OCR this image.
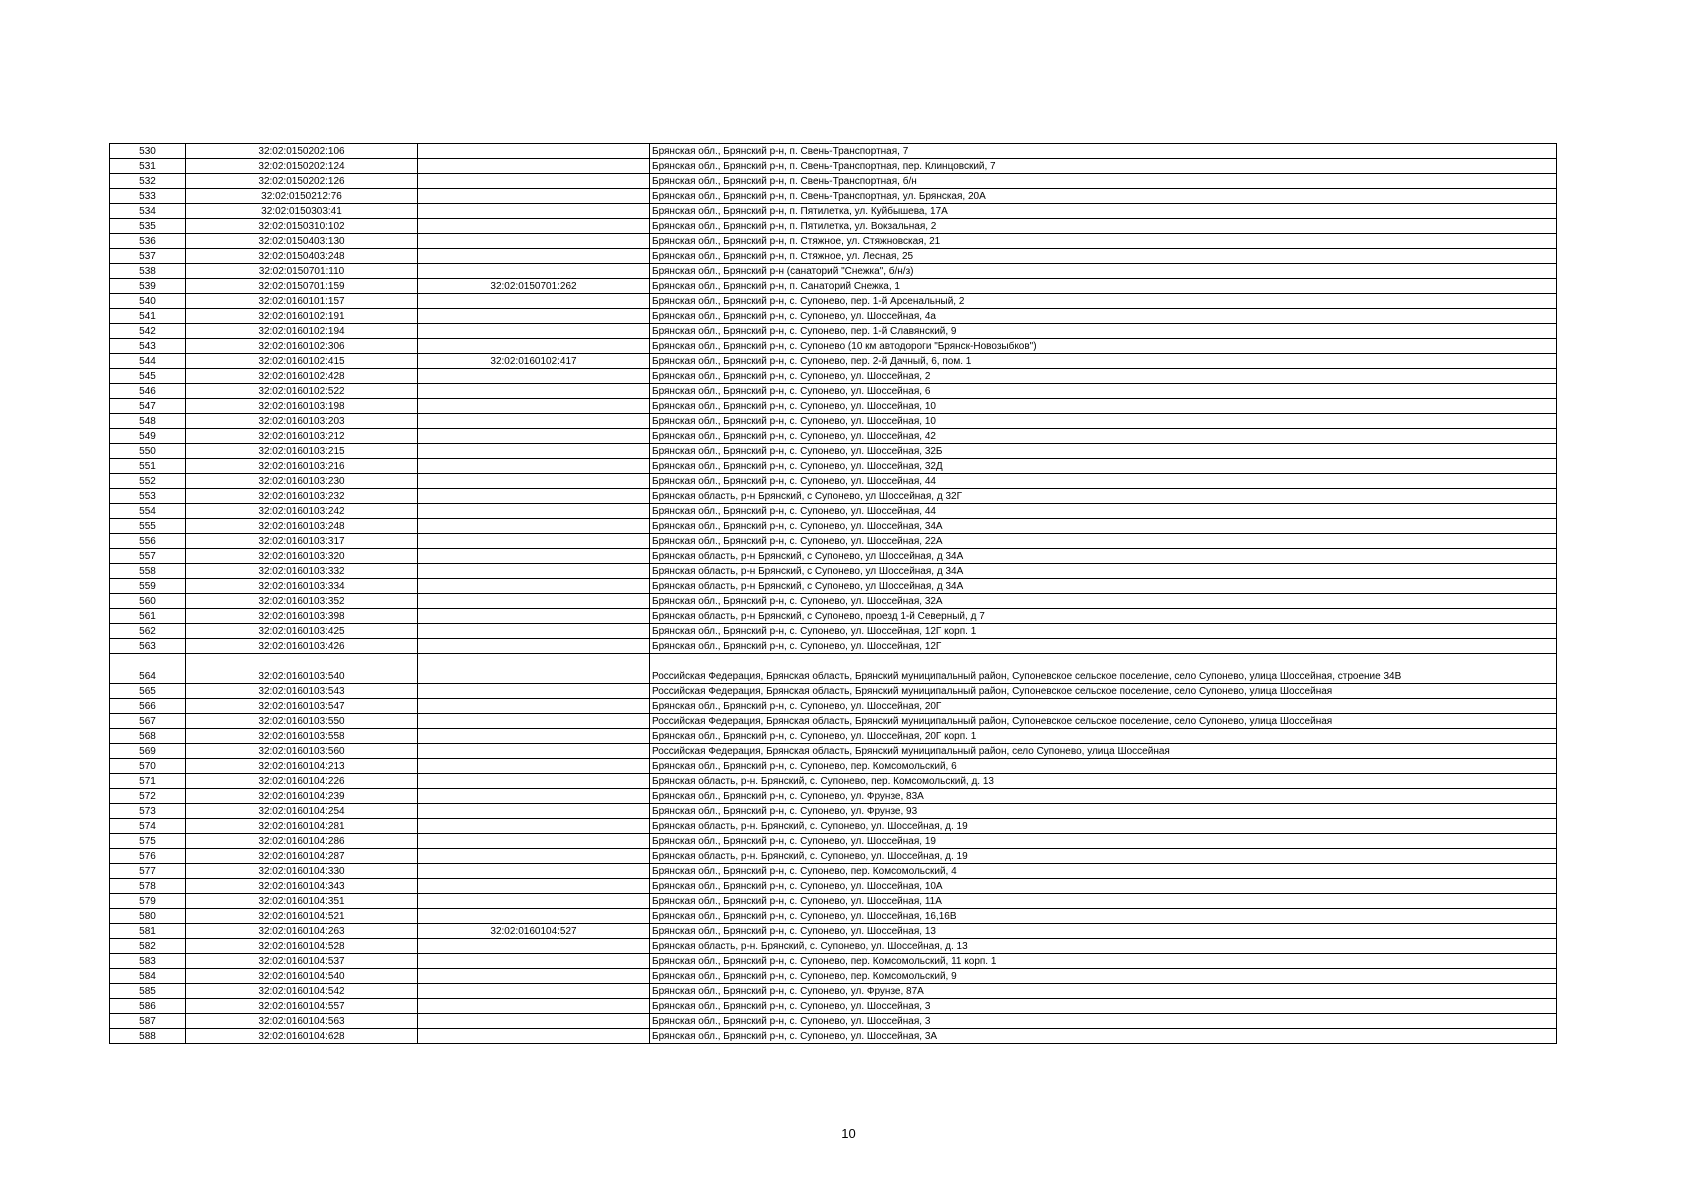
530	32:02:0150202:106		Брянская обл., Брянский р-н, п. Свень-Транспортная, 7
531	32:02:0150202:124		Брянская обл., Брянский р-н, п. Свень-Транспортная, пер. Клинцовский, 7
532	32:02:0150202:126		Брянская обл., Брянский р-н, п. Свень-Транспортная, б/н
533	32:02:0150212:76		Брянская обл., Брянский р-н, п. Свень-Транспортная, ул. Брянская, 20А
534	32:02:0150303:41		Брянская обл., Брянский р-н, п. Пятилетка, ул. Куйбышева, 17А
535	32:02:0150310:102		Брянская обл., Брянский р-н, п. Пятилетка, ул. Вокзальная, 2
536	32:02:0150403:130		Брянская обл., Брянский р-н, п. Стяжное, ул. Стяжновская, 21
537	32:02:0150403:248		Брянская обл., Брянский р-н, п. Стяжное, ул. Лесная, 25
538	32:02:0150701:110		Брянская обл., Брянский р-н (санаторий "Снежка", б/н/з)
539	32:02:0150701:159	32:02:0150701:262	Брянская обл., Брянский р-н, п. Санаторий Снежка, 1
540	32:02:0160101:157		Брянская обл., Брянский р-н, с. Супонево, пер. 1-й Арсенальный, 2
541	32:02:0160102:191		Брянская обл., Брянский р-н, с. Супонево, ул. Шоссейная, 4а
542	32:02:0160102:194		Брянская обл., Брянский р-н, с. Супонево, пер. 1-й Славянский, 9
543	32:02:0160102:306		Брянская обл., Брянский р-н, с. Супонево (10 км автодороги "Брянск-Новозыбков")
544	32:02:0160102:415	32:02:0160102:417	Брянская обл., Брянский р-н, с. Супонево, пер. 2-й Дачный, 6, пом. 1
545	32:02:0160102:428		Брянская обл., Брянский р-н, с. Супонево, ул. Шоссейная, 2
546	32:02:0160102:522		Брянская обл., Брянский р-н, с. Супонево, ул. Шоссейная, 6
547	32:02:0160103:198		Брянская обл., Брянский р-н, с. Супонево, ул. Шоссейная, 10
548	32:02:0160103:203		Брянская обл., Брянский р-н, с. Супонево, ул. Шоссейная, 10
549	32:02:0160103:212		Брянская обл., Брянский р-н, с. Супонево, ул. Шоссейная, 42
550	32:02:0160103:215		Брянская обл., Брянский р-н, с. Супонево, ул. Шоссейная, 32Б
551	32:02:0160103:216		Брянская обл., Брянский р-н, с. Супонево, ул. Шоссейная, 32Д
552	32:02:0160103:230		Брянская обл., Брянский р-н, с. Супонево, ул. Шоссейная, 44
553	32:02:0160103:232		Брянская область, р-н Брянский, с Супонево, ул Шоссейная, д 32Г
554	32:02:0160103:242		Брянская обл., Брянский р-н, с. Супонево, ул. Шоссейная, 44
555	32:02:0160103:248		Брянская обл., Брянский р-н, с. Супонево, ул. Шоссейная, 34А
556	32:02:0160103:317		Брянская обл., Брянский р-н, с. Супонево, ул. Шоссейная, 22А
557	32:02:0160103:320		Брянская область, р-н Брянский, с Супонево, ул Шоссейная, д 34А
558	32:02:0160103:332		Брянская область, р-н Брянский, с Супонево, ул Шоссейная, д 34А
559	32:02:0160103:334		Брянская область, р-н Брянский, с Супонево, ул Шоссейная, д 34А
560	32:02:0160103:352		Брянская обл., Брянский р-н, с. Супонево, ул. Шоссейная, 32А
561	32:02:0160103:398		Брянская область, р-н Брянский, с Супонево, проезд 1-й Северный, д 7
562	32:02:0160103:425		Брянская обл., Брянский р-н, с. Супонево, ул. Шоссейная, 12Г корп. 1
563	32:02:0160103:426		Брянская обл., Брянский р-н, с. Супонево, ул. Шоссейная, 12Г
564	32:02:0160103:540		Российская Федерация, Брянская область, Брянский муниципальный район, Супоневское сельское поселение, село Супонево, улица Шоссейная, строение 34В
565	32:02:0160103:543		Российская Федерация, Брянская область, Брянский муниципальный район, Супоневское сельское поселение, село Супонево, улица Шоссейная
566	32:02:0160103:547		Брянская обл., Брянский р-н, с. Супонево, ул. Шоссейная, 20Г
567	32:02:0160103:550		Российская Федерация, Брянская область, Брянский муниципальный район, Супоневское сельское поселение, село Супонево, улица Шоссейная
568	32:02:0160103:558		Брянская обл., Брянский р-н, с. Супонево, ул. Шоссейная, 20Г корп. 1
569	32:02:0160103:560		Российская Федерация, Брянская область, Брянский муниципальный район, село Супонево, улица Шоссейная
570	32:02:0160104:213		Брянская обл., Брянский р-н, с. Супонево, пер. Комсомольский, 6
571	32:02:0160104:226		Брянская область, р-н. Брянский, с. Супонево, пер. Комсомольский, д. 13
572	32:02:0160104:239		Брянская обл., Брянский р-н, с. Супонево, ул. Фрунзе, 83А
573	32:02:0160104:254		Брянская обл., Брянский р-н, с. Супонево, ул. Фрунзе, 93
574	32:02:0160104:281		Брянская область, р-н. Брянский, с. Супонево, ул. Шоссейная, д. 19
575	32:02:0160104:286		Брянская обл., Брянский р-н, с. Супонево, ул. Шоссейная, 19
576	32:02:0160104:287		Брянская область, р-н. Брянский, с. Супонево, ул. Шоссейная, д. 19
577	32:02:0160104:330		Брянская обл., Брянский р-н, с. Супонево, пер. Комсомольский, 4
578	32:02:0160104:343		Брянская обл., Брянский р-н, с. Супонево, ул. Шоссейная, 10А
579	32:02:0160104:351		Брянская обл., Брянский р-н, с. Супонево, ул. Шоссейная, 11А
580	32:02:0160104:521		Брянская обл., Брянский р-н, с. Супонево, ул. Шоссейная, 16,16В
581	32:02:0160104:263	32:02:0160104:527	Брянская обл., Брянский р-н, с. Супонево, ул. Шоссейная, 13
582	32:02:0160104:528		Брянская область, р-н. Брянский, с. Супонево, ул. Шоссейная, д. 13
583	32:02:0160104:537		Брянская обл., Брянский р-н, с. Супонево, пер. Комсомольский, 11 корп. 1
584	32:02:0160104:540		Брянская обл., Брянский р-н, с. Супонево, пер. Комсомольский, 9
585	32:02:0160104:542		Брянская обл., Брянский р-н, с. Супонево, ул. Фрунзе, 87А
586	32:02:0160104:557		Брянская обл., Брянский р-н, с. Супонево, ул. Шоссейная, 3
587	32:02:0160104:563		Брянская обл., Брянский р-н, с. Супонево, ул. Шоссейная, 3
588	32:02:0160104:628		Брянская обл., Брянский р-н, с. Супонево, ул. Шоссейная, 3А
10
